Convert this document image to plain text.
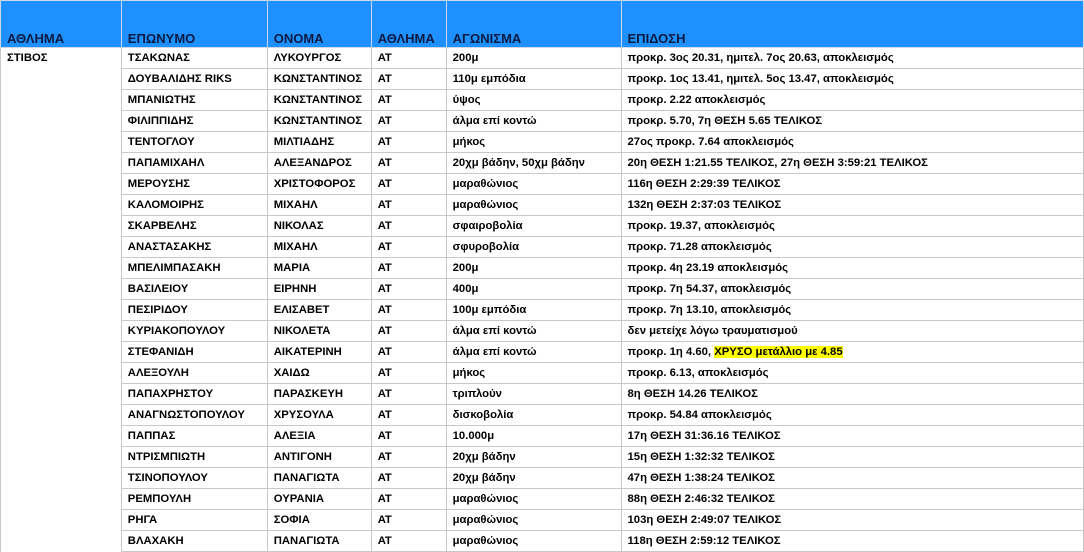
ΑΘΛΗΜΑ	ΕΠΩΝΥΜΟ	ΟΝΟΜΑ	ΑΘΛΗΜΑ	ΑΓΩΝΙΣΜΑ	ΕΠΙΔΟΣΗ
ΣΤΙΒΟΣ	ΤΣΑΚΩΝΑΣ	ΛΥΚΟΥΡΓΟΣ	ΑΤ	200μ	προκρ. 3ος 20.31, ημιτελ. 7ος 20.63, αποκλεισμός
	ΔΟΥΒΑΛΙΔΗΣ RIKS	ΚΩΝΣΤΑΝΤΙΝΟΣ	ΑΤ	110μ εμπόδια	προκρ. 1ος 13.41, ημιτελ. 5ος 13.47, αποκλεισμός
	ΜΠΑΝΙΩΤΗΣ	ΚΩΝΣΤΑΝΤΙΝΟΣ	ΑΤ	ύψος	προκρ. 2.22 αποκλεισμός
	ΦΙΛΙΠΠΙΔΗΣ	ΚΩΝΣΤΑΝΤΙΝΟΣ	ΑΤ	άλμα επί κοντώ	προκρ. 5.70, 7η ΘΕΣΗ 5.65 ΤΕΛΙΚΟΣ
	ΤΕΝΤΟΓΛΟΥ	ΜΙΛΤΙΑΔΗΣ	ΑΤ	μήκος	27ος προκρ. 7.64 αποκλεισμός
	ΠΑΠΑΜΙΧΑΗΛ	ΑΛΕΞΑΝΔΡΟΣ	ΑΤ	20χμ βάδην, 50χμ βάδην	20η ΘΕΣΗ 1:21.55 ΤΕΛΙΚΟΣ, 27η ΘΕΣΗ 3:59:21 ΤΕΛΙΚΟΣ
	ΜΕΡΟΥΣΗΣ	ΧΡΙΣΤΟΦΟΡΟΣ	ΑΤ	μαραθώνιος	116η ΘΕΣΗ 2:29:39 ΤΕΛΙΚΟΣ
	ΚΑΛΟΜΟΙΡΗΣ	ΜΙΧΑΗΛ	ΑΤ	μαραθώνιος	132η ΘΕΣΗ 2:37:03 ΤΕΛΙΚΟΣ
	ΣΚΑΡΒΕΛΗΣ	ΝΙΚΟΛΑΣ	ΑΤ	σφαιροβολία	προκρ. 19.37, αποκλεισμός
	ΑΝΑΣΤΑΣΑΚΗΣ	ΜΙΧΑΗΛ	ΑΤ	σφυροβολία	προκρ. 71.28 αποκλεισμός
	ΜΠΕΛΙΜΠΑΣΑΚΗ	ΜΑΡΙΑ	ΑΤ	200μ	προκρ. 4η 23.19 αποκλεισμός
	ΒΑΣΙΛΕΙΟΥ	ΕΙΡΗΝΗ	ΑΤ	400μ	προκρ. 7η 54.37, αποκλεισμός
	ΠΕΣΙΡΙΔΟΥ	ΕΛΙΣΑΒΕΤ	ΑΤ	100μ εμπόδια	προκρ. 7η 13.10, αποκλεισμός
	ΚΥΡΙΑΚΟΠΟΥΛΟΥ	ΝΙΚΟΛΕΤΑ	ΑΤ	άλμα επί κοντώ	δεν μετείχε λόγω τραυματισμού
	ΣΤΕΦΑΝΙΔΗ	ΑΙΚΑΤΕΡΙΝΗ	ΑΤ	άλμα επί κοντώ	προκρ. 1η 4.60, ΧΡΥΣΟ μετάλλιο με 4.85
	ΑΛΕΞΟΥΛΗ	ΧΑΙΔΩ	ΑΤ	μήκος	προκρ. 6.13, αποκλεισμός
	ΠΑΠΑΧΡΗΣΤΟΥ	ΠΑΡΑΣΚΕΥΗ	ΑΤ	τριπλούν	8η ΘΕΣΗ 14.26 ΤΕΛΙΚΟΣ
	ΑΝΑΓΝΩΣΤΟΠΟΥΛΟΥ	ΧΡΥΣΟΥΛΑ	ΑΤ	δισκοβολία	προκρ. 54.84 αποκλεισμός
	ΠΑΠΠΑΣ	ΑΛΕΞΙΑ	ΑΤ	10.000μ	17η ΘΕΣΗ 31:36.16 ΤΕΛΙΚΟΣ
	ΝΤΡΙΣΜΠΙΩΤΗ	ΑΝΤΙΓΟΝΗ	ΑΤ	20χμ βάδην	15η ΘΕΣΗ 1:32:32 ΤΕΛΙΚΟΣ
	ΤΣΙΝΟΠΟΥΛΟΥ	ΠΑΝΑΓΙΩΤΑ	ΑΤ	20χμ βάδην	47η ΘΕΣΗ 1:38:24 ΤΕΛΙΚΟΣ
	ΡΕΜΠΟΥΛΗ	ΟΥΡΑΝΙΑ	ΑΤ	μαραθώνιος	88η ΘΕΣΗ 2:46:32 ΤΕΛΙΚΟΣ
	ΡΗΓΑ	ΣΟΦΙΑ	ΑΤ	μαραθώνιος	103η ΘΕΣΗ 2:49:07 ΤΕΛΙΚΟΣ
	ΒΛΑΧΑΚΗ	ΠΑΝΑΓΙΩΤΑ	ΑΤ	μαραθώνιος	118η ΘΕΣΗ 2:59:12 ΤΕΛΙΚΟΣ
